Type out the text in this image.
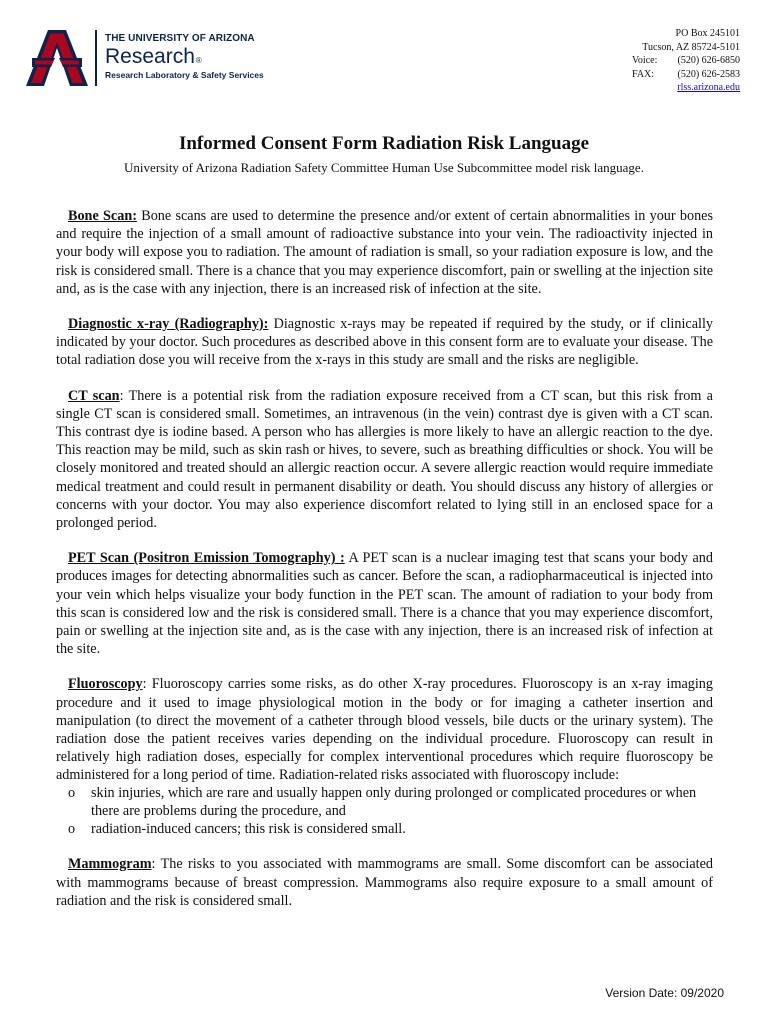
THE UNIVERSITY OF ARIZONA
Research®
Research Laboratory & Safety Services
PO Box 245101
Tucson, AZ 85724-5101
Voice:	(520) 626-6850
FAX:	(520) 626-2583
rlss.arizona.edu
Informed Consent Form Radiation Risk Language
University of Arizona Radiation Safety Committee Human Use Subcommittee model risk language.

Bone Scan: Bone scans are used to determine the presence and/or extent of certain abnormalities in your bones and require the injection of a small amount of radioactive substance into your vein. The radioactivity injected in your body will expose you to radiation. The amount of radiation is small, so your radiation exposure is low, and the risk is considered small. There is a chance that you may experience discomfort, pain or swelling at the injection site and, as is the case with any injection, there is an increased risk of infection at the site.

Diagnostic x-ray (Radiography): Diagnostic x-rays may be repeated if required by the study, or if clinically indicated by your doctor. Such procedures as described above in this consent form are to evaluate your disease. The total radiation dose you will receive from the x-rays in this study are small and the risks are negligible.

CT scan: There is a potential risk from the radiation exposure received from a CT scan, but this risk from a single CT scan is considered small. Sometimes, an intravenous (in the vein) contrast dye is given with a CT scan. This contrast dye is iodine based. A person who has allergies is more likely to have an allergic reaction to the dye. This reaction may be mild, such as skin rash or hives, to severe, such as breathing difficulties or shock. You will be closely monitored and treated should an allergic reaction occur. A severe allergic reaction would require immediate medical treatment and could result in permanent disability or death. You should discuss any history of allergies or concerns with your doctor. You may also experience discomfort related to lying still in an enclosed space for a prolonged period.

PET Scan (Positron Emission Tomography) : A PET scan is a nuclear imaging test that scans your body and produces images for detecting abnormalities such as cancer. Before the scan, a radiopharmaceutical is injected into your vein which helps visualize your body function in the PET scan. The amount of radiation to your body from this scan is considered low and the risk is considered small. There is a chance that you may experience discomfort, pain or swelling at the injection site and, as is the case with any injection, there is an increased risk of infection at the site.

Fluoroscopy: Fluoroscopy carries some risks, as do other X-ray procedures. Fluoroscopy is an x-ray imaging procedure and it used to image physiological motion in the body or for imaging a catheter insertion and manipulation (to direct the movement of a catheter through blood vessels, bile ducts or the urinary system). The radiation dose the patient receives varies depending on the individual procedure. Fluoroscopy can result in relatively high radiation doses, especially for complex interventional procedures which require fluoroscopy be administered for a long period of time. Radiation-related risks associated with fluoroscopy include:

o skin injuries, which are rare and usually happen only during prolonged or complicated procedures or when there are problems during the procedure, and
o radiation-induced cancers; this risk is considered small.

Mammogram: The risks to you associated with mammograms are small. Some discomfort can be associated with mammograms because of breast compression. Mammograms also require exposure to a small amount of radiation and the risk is considered small.

Version Date: 09/2020
